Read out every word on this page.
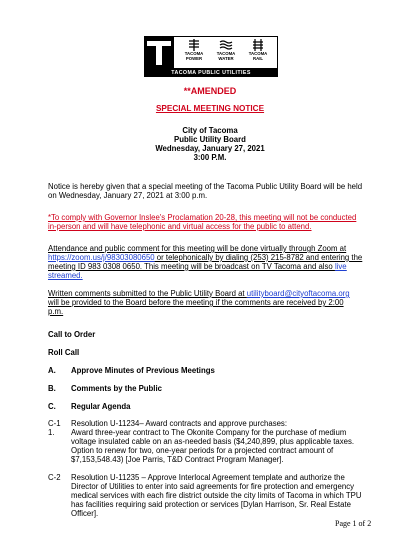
TACOMA
POWER
TACOMA
WATER
TACOMA
RAIL
TACOMA PUBLIC UTILITIES
**AMENDED
SPECIAL MEETING NOTICE
City of Tacoma
Public Utility Board
Wednesday, January 27, 2021
3:00 P.M.
Notice is hereby given that a special meeting of the Tacoma Public Utility Board will be held
on Wednesday, January 27, 2021 at 3:00 p.m.
*To comply with Governor Inslee's Proclamation 20-28, this meeting will not be conducted
in-person and will have telephonic and virtual access for the public to attend.
Attendance and public comment for this meeting will be done virtually through Zoom at
https://zoom.us/j/98303080650 or telephonically by dialing (253) 215-8782 and entering the
meeting ID 983 0308 0650. This meeting will be broadcast on TV Tacoma and also live
streamed.
Written comments submitted to the Public Utility Board at utilityboard@cityoftacoma.org
will be provided to the Board before the meeting if the comments are received by 2:00
p.m.
Call to Order
Roll Call
A. Approve Minutes of Previous Meetings
B. Comments by the Public
C. Regular Agenda
C-1 Resolution U-11234– Award contracts and approve purchases:
1. Award three-year contract to The Okonite Company for the purchase of medium
voltage insulated cable on an as-needed basis ($4,240,899, plus applicable taxes.
Option to renew for two, one-year periods for a projected contract amount of
$7,153,548.43) [Joe Parris, T&D Contract Program Manager].
C-2 Resolution U-11235 – Approve Interlocal Agreement template and authorize the
Director of Utilities to enter into said agreements for fire protection and emergency
medical services with each fire district outside the city limits of Tacoma in which TPU
has facilities requiring said protection or services [Dylan Harrison, Sr. Real Estate
Officer].
Page 1 of 2
